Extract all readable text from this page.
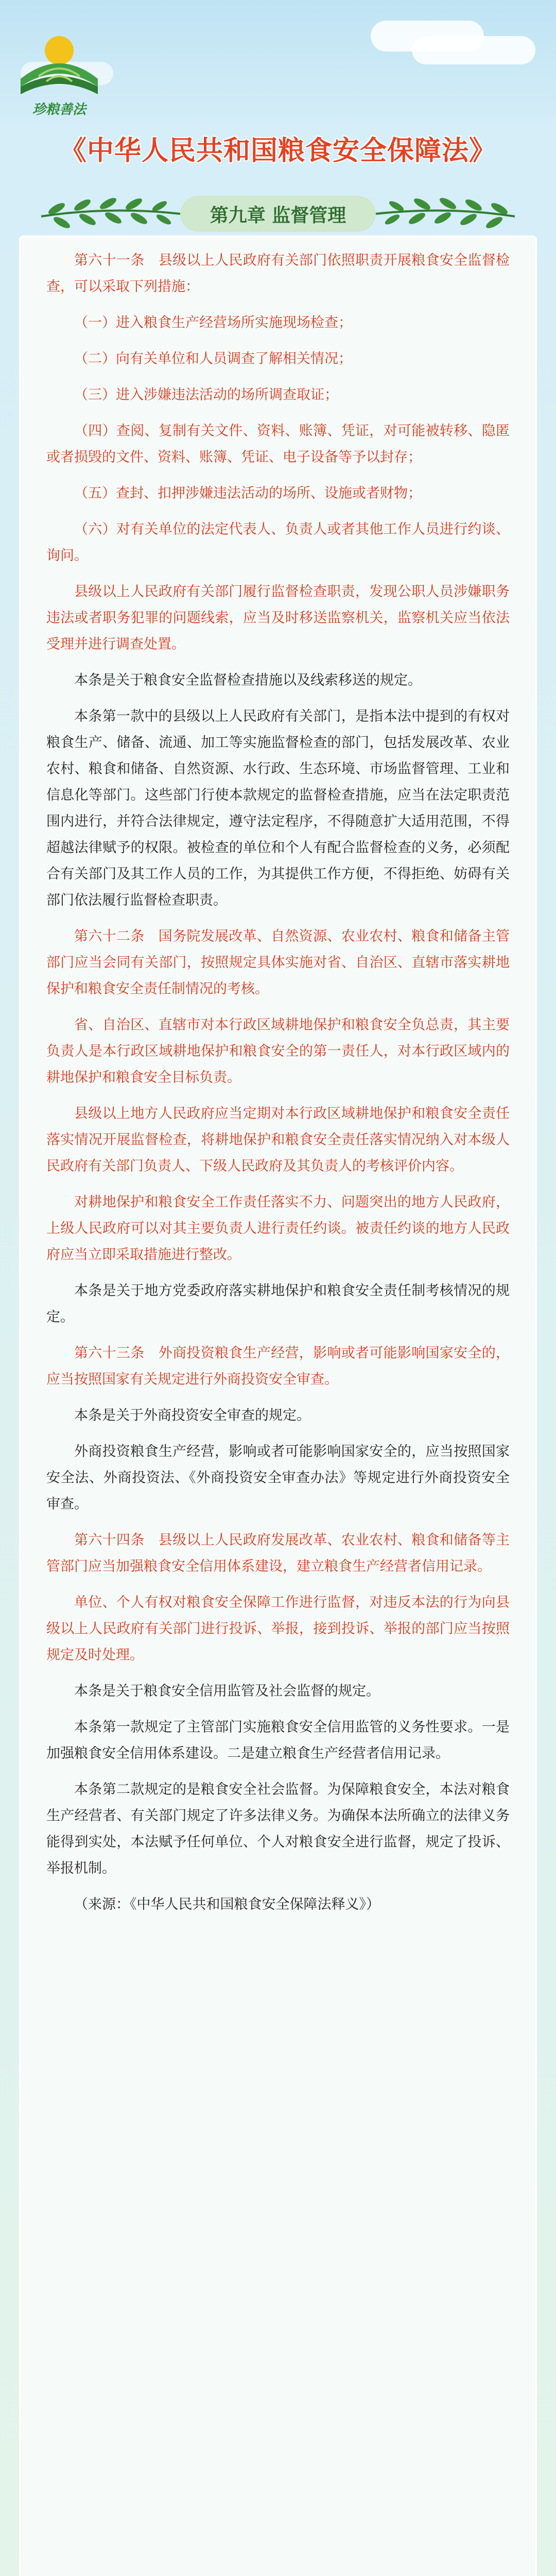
珍粮善法
《中华人民共和国粮食安全保障法》
第九章 监督管理

第六十一条　县级以上人民政府有关部门依照职责开展粮食安全监督检查，可以采取下列措施：

（一）进入粮食生产经营场所实施现场检查；

（二）向有关单位和人员调查了解相关情况；

（三）进入涉嫌违法活动的场所调查取证；

（四）查阅、复制有关文件、资料、账簿、凭证，对可能被转移、隐匿或者损毁的文件、资料、账簿、凭证、电子设备等予以封存；

（五）查封、扣押涉嫌违法活动的场所、设施或者财物；

（六）对有关单位的法定代表人、负责人或者其他工作人员进行约谈、询问。

县级以上人民政府有关部门履行监督检查职责，发现公职人员涉嫌职务违法或者职务犯罪的问题线索，应当及时移送监察机关，监察机关应当依法受理并进行调查处置。

本条是关于粮食安全监督检查措施以及线索移送的规定。

本条第一款中的县级以上人民政府有关部门，是指本法中提到的有权对粮食生产、储备、流通、加工等实施监督检查的部门，包括发展改革、农业农村、粮食和储备、自然资源、水行政、生态环境、市场监督管理、工业和信息化等部门。这些部门行使本款规定的监督检查措施，应当在法定职责范围内进行，并符合法律规定，遵守法定程序，不得随意扩大适用范围，不得超越法律赋予的权限。被检查的单位和个人有配合监督检查的义务，必须配合有关部门及其工作人员的工作，为其提供工作方便，不得拒绝、妨碍有关部门依法履行监督检查职责。

第六十二条　国务院发展改革、自然资源、农业农村、粮食和储备主管部门应当会同有关部门，按照规定具体实施对省、自治区、直辖市落实耕地保护和粮食安全责任制情况的考核。

省、自治区、直辖市对本行政区域耕地保护和粮食安全负总责，其主要负责人是本行政区域耕地保护和粮食安全的第一责任人，对本行政区域内的耕地保护和粮食安全目标负责。

县级以上地方人民政府应当定期对本行政区域耕地保护和粮食安全责任落实情况开展监督检查，将耕地保护和粮食安全责任落实情况纳入对本级人民政府有关部门负责人、下级人民政府及其负责人的考核评价内容。

对耕地保护和粮食安全工作责任落实不力、问题突出的地方人民政府，上级人民政府可以对其主要负责人进行责任约谈。被责任约谈的地方人民政府应当立即采取措施进行整改。

本条是关于地方党委政府落实耕地保护和粮食安全责任制考核情况的规定。

第六十三条　外商投资粮食生产经营，影响或者可能影响国家安全的，应当按照国家有关规定进行外商投资安全审查。

本条是关于外商投资安全审查的规定。

外商投资粮食生产经营，影响或者可能影响国家安全的，应当按照国家安全法、外商投资法、《外商投资安全审查办法》等规定进行外商投资安全审查。

第六十四条　县级以上人民政府发展改革、农业农村、粮食和储备等主管部门应当加强粮食安全信用体系建设，建立粮食生产经营者信用记录。

单位、个人有权对粮食安全保障工作进行监督，对违反本法的行为向县级以上人民政府有关部门进行投诉、举报，接到投诉、举报的部门应当按照规定及时处理。

本条是关于粮食安全信用监管及社会监督的规定。

本条第一款规定了主管部门实施粮食安全信用监管的义务性要求。一是加强粮食安全信用体系建设。二是建立粮食生产经营者信用记录。

本条第二款规定的是粮食安全社会监督。为保障粮食安全，本法对粮食生产经营者、有关部门规定了许多法律义务。为确保本法所确立的法律义务能得到实处，本法赋予任何单位、个人对粮食安全进行监督，规定了投诉、举报机制。

（来源：《中华人民共和国粮食安全保障法释义》）
